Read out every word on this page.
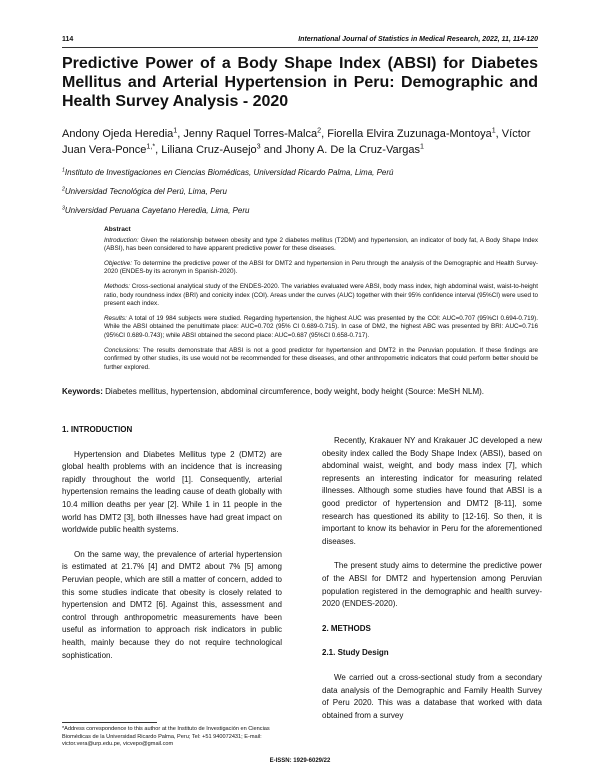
114	International Journal of Statistics in Medical Research, 2022, 11, 114-120
Predictive Power of a Body Shape Index (ABSI) for Diabetes Mellitus and Arterial Hypertension in Peru: Demographic and Health Survey Analysis - 2020

Andony Ojeda Heredia$^1$, Jenny Raquel Torres-Malca$^2$, Fiorella Elvira Zuzunaga-Montoya$^1$, Víctor Juan Vera-Ponce$^{1,*}$, Liliana Cruz-Ausejo$^3$ and Jhony A. De la Cruz-Vargas$^1$

$^1$Instituto de Investigaciones en Ciencias Biomédicas, Universidad Ricardo Palma, Lima, Perú

$^2$Universidad Tecnológica del Perú, Lima, Peru

$^3$Universidad Peruana Cayetano Heredia, Lima, Peru

Abstract

Introduction: Given the relationship between obesity and type 2 diabetes mellitus (T2DM) and hypertension, an indicator of body fat, A Body Shape Index (ABSI), has been considered to have apparent predictive power for these diseases.

Objective: To determine the predictive power of the ABSI for DMT2 and hypertension in Peru through the analysis of the Demographic and Health Survey-2020 (ENDES-by its acronym in Spanish-2020).

Methods: Cross-sectional analytical study of the ENDES-2020. The variables evaluated were ABSI, body mass index, high abdominal waist, waist-to-height ratio, body roundness index (BRI) and conicity index (COI). Areas under the curves (AUC) together with their 95% confidence interval (95%CI) were used to present each index.

Results: A total of 19 984 subjects were studied. Regarding hypertension, the highest AUC was presented by the COI: AUC=0.707 (95%CI 0.694-0.719). While the ABSI obtained the penultimate place: AUC=0.702 (95% CI 0.689-0.715). In case of DM2, the highest ABC was presented by BRI: AUC=0.716 (95%CI 0.689-0.743); while ABSI obtained the second place: AUC=0.687 (95%CI 0.658-0.717).

Conclusions: The results demonstrate that ABSI is not a good predictor for hypertension and DMT2 in the Peruvian population. If these findings are confirmed by other studies, its use would not be recommended for these diseases, and other anthropometric indicators that could perform better should be further explored.

Keywords: Diabetes mellitus, hypertension, abdominal circumference, body weight, body height (Source: MeSH NLM).

1. INTRODUCTION

Hypertension and Diabetes Mellitus type 2 (DMT2) are global health problems with an incidence that is increasing rapidly throughout the world [1]. Consequently, arterial hypertension remains the leading cause of death globally with 10.4 million deaths per year [2]. While 1 in 11 people in the world has DMT2 [3], both illnesses have had great impact on worldwide public health systems.

On the same way, the prevalence of arterial hypertension is estimated at 21.7% [4] and DMT2 about 7% [5] among Peruvian people, which are still a matter of concern, added to this some studies indicate that obesity is closely related to hypertension and DMT2 [6]. Against this, assessment and control through anthropometric measurements have been useful as information to approach risk indicators in public health, mainly because they do not require technological sophistication.

Recently, Krakauer NY and Krakauer JC developed a new obesity index called the Body Shape Index (ABSI), based on abdominal waist, weight, and body mass index [7], which represents an interesting indicator for measuring related illnesses. Although some studies have found that ABSI is a good predictor of hypertension and DMT2 [8-11], some research has questioned its ability to [12-16]. So then, it is important to know its behavior in Peru for the aforementioned diseases.

The present study aims to determine the predictive power of the ABSI for DMT2 and hypertension among Peruvian population registered in the demographic and health survey-2020 (ENDES-2020).

2. METHODS
2.1. Study Design

We carried out a cross-sectional study from a secondary data analysis of the Demographic and Family Health Survey of Peru 2020. This was a database that worked with data obtained from a survey

*Address correspondence to this author at the Instituto de Investigación en Ciencias Biomédicas de la Universidad Ricardo Palma, Peru; Tel: +51 940072431; E-mail: victor.vera@urp.edu.pe, vicvepo@gmail.com
E-ISSN: 1929-6029/22
